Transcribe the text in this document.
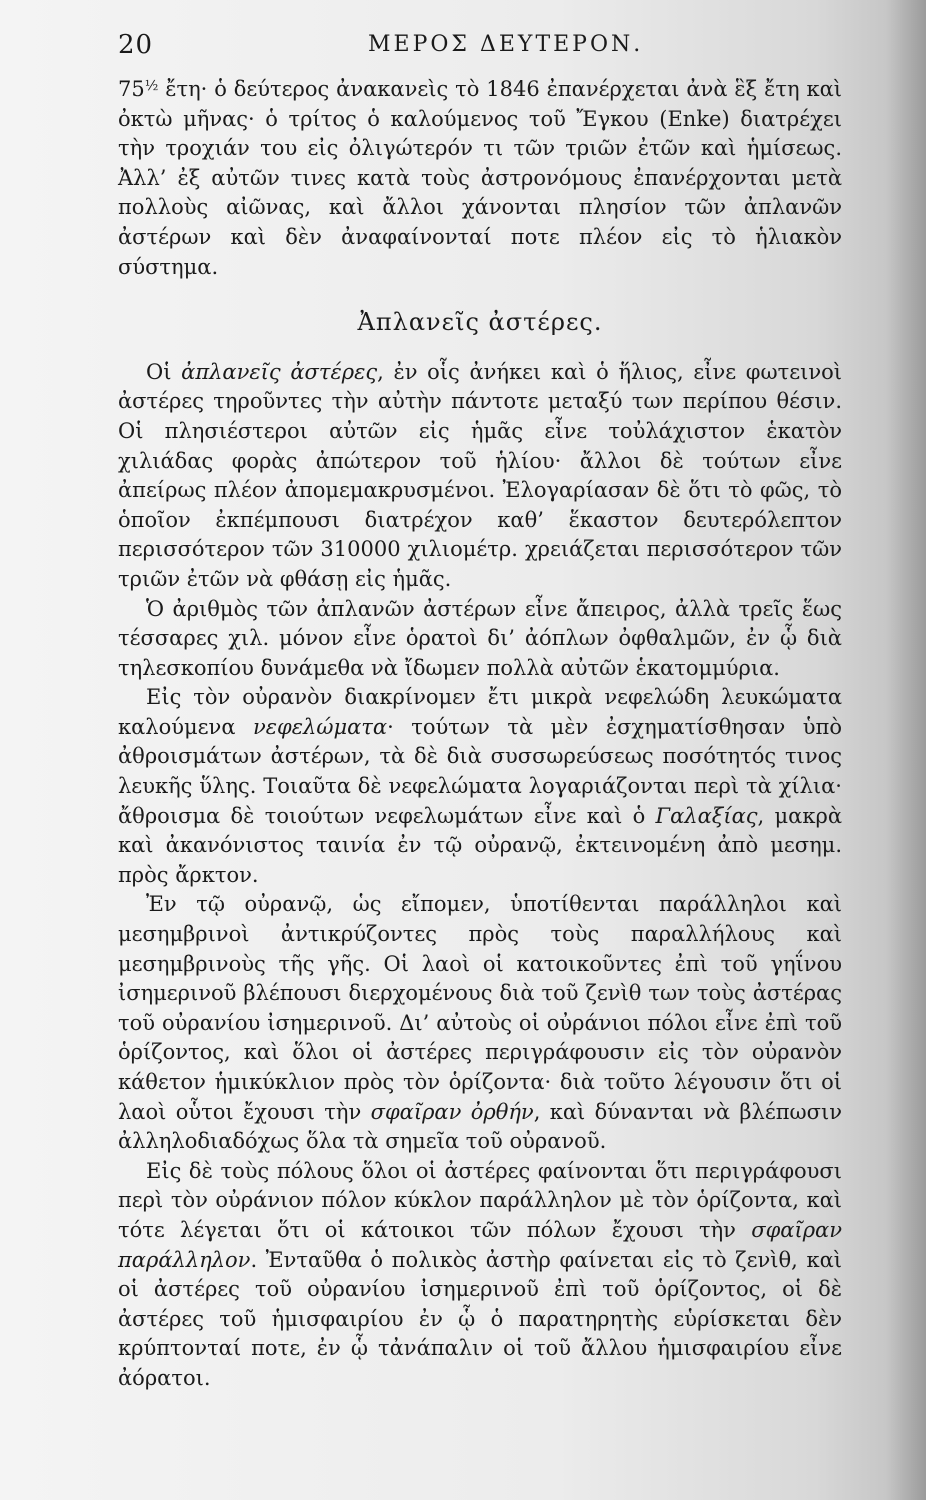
20	ΜΕΡΟΣ ΔΕΥΤΕΡΟΝ.

$75^{\frac{1}{2}}$ ἔτη· ὁ δεύτερος ἀνακανεὶς τὸ 1846 ἐπανέρχεται ἀνὰ ἓξ ἔτη καὶ ὀκτὼ μῆνας· ὁ τρίτος ὁ καλούμενος τοῦ Ἔγκου (Enke) διατρέχει τὴν τροχιάν του εἰς ὀλιγώτερόν τι τῶν τριῶν ἐτῶν καὶ ἡμίσεως. Ἀλλ’ ἐξ αὐτῶν τινες κατὰ τοὺς ἀστρονόμους ἐπανέρχονται μετὰ πολλοὺς αἰῶνας, καὶ ἄλλοι χάνονται πλησίον τῶν ἀπλανῶν ἀστέρων καὶ δὲν ἀναφαίνονταί ποτε πλέον εἰς τὸ ἡλιακὸν σύστημα.

Ἀπλανεῖς ἀστέρες.

Οἱ ἀπλανεῖς ἀστέρες, ἐν οἷς ἀνήκει καὶ ὁ ἥλιος, εἶνε φωτεινοὶ ἀστέρες τηροῦντες τὴν αὐτὴν πάντοτε μεταξύ των περίπου θέσιν. Οἱ πλησιέστεροι αὐτῶν εἰς ἡμᾶς εἶνε τοὐλάχιστον ἑκατὸν χιλιάδας φορὰς ἀπώτερον τοῦ ἡλίου· ἄλλοι δὲ τούτων εἶνε ἀπείρως πλέον ἀπομεμακρυσμένοι. Ἐλογαρίασαν δὲ ὅτι τὸ φῶς, τὸ ὁποῖον ἐκπέμπουσι διατρέχον καθ’ ἕκαστον δευτερόλεπτον περισσότερον τῶν 310000 χιλιομέτρ. χρειάζεται περισσότερον τῶν τριῶν ἐτῶν νὰ φθάσῃ εἰς ἡμᾶς.

Ὁ ἀριθμὸς τῶν ἀπλανῶν ἀστέρων εἶνε ἄπειρος, ἀλλὰ τρεῖς ἕως τέσσαρες χιλ. μόνον εἶνε ὁρατοὶ δι’ ἀόπλων ὀφθαλμῶν, ἐν ᾧ διὰ τηλεσκοπίου δυνάμεθα νὰ ἴδωμεν πολλὰ αὐτῶν ἑκατομμύρια.

Εἰς τὸν οὐρανὸν διακρίνομεν ἔτι μικρὰ νεφελώδη λευκώματα καλούμενα νεφελώματα· τούτων τὰ μὲν ἐσχηματίσθησαν ὑπὸ ἀθροισμάτων ἀστέρων, τὰ δὲ διὰ συσσωρεύσεως ποσότητός τινος λευκῆς ὕλης. Τοιαῦτα δὲ νεφελώματα λογαριάζονται περὶ τὰ χίλια· ἄθροισμα δὲ τοιούτων νεφελωμάτων εἶνε καὶ ὁ Γαλαξίας, μακρὰ καὶ ἀκανόνιστος ταινία ἐν τῷ οὐρανῷ, ἐκτεινομένη ἀπὸ μεσημ. πρὸς ἄρκτον.

Ἐν τῷ οὐρανῷ, ὡς εἴπομεν, ὑποτίθενται παράλληλοι καὶ μεσημβρινοὶ ἀντικρύζοντες πρὸς τοὺς παραλλήλους καὶ μεσημβρινοὺς τῆς γῆς. Οἱ λαοὶ οἱ κατοικοῦντες ἐπὶ τοῦ γηΐνου ἰσημερινοῦ βλέπουσι διερχομένους διὰ τοῦ ζενὶθ των τοὺς ἀστέρας τοῦ οὐρανίου ἰσημερινοῦ. Δι’ αὐτοὺς οἱ οὐράνιοι πόλοι εἶνε ἐπὶ τοῦ ὁρίζοντος, καὶ ὅλοι οἱ ἀστέρες περιγράφουσιν εἰς τὸν οὐρανὸν κάθετον ἡμικύκλιον πρὸς τὸν ὁρίζοντα· διὰ τοῦτο λέγουσιν ὅτι οἱ λαοὶ οὗτοι ἔχουσι τὴν σφαῖραν ὀρθήν, καὶ δύνανται νὰ βλέπωσιν ἀλληλοδιαδόχως ὅλα τὰ σημεῖα τοῦ οὐρανοῦ.

Εἰς δὲ τοὺς πόλους ὅλοι οἱ ἀστέρες φαίνονται ὅτι περιγράφουσι περὶ τὸν οὐράνιον πόλον κύκλον παράλληλον μὲ τὸν ὁρίζοντα, καὶ τότε λέγεται ὅτι οἱ κάτοικοι τῶν πόλων ἔχουσι τὴν σφαῖραν παράλληλον. Ἐνταῦθα ὁ πολικὸς ἀστὴρ φαίνεται εἰς τὸ ζενὶθ, καὶ οἱ ἀστέρες τοῦ οὐρανίου ἰσημερινοῦ ἐπὶ τοῦ ὁρίζοντος, οἱ δὲ ἀστέρες τοῦ ἡμισφαιρίου ἐν ᾧ ὁ παρατηρητὴς εὑρίσκεται δὲν κρύπτονταί ποτε, ἐν ᾧ τἀνάπαλιν οἱ τοῦ ἄλλου ἡμισφαιρίου εἶνε ἀόρατοι.
